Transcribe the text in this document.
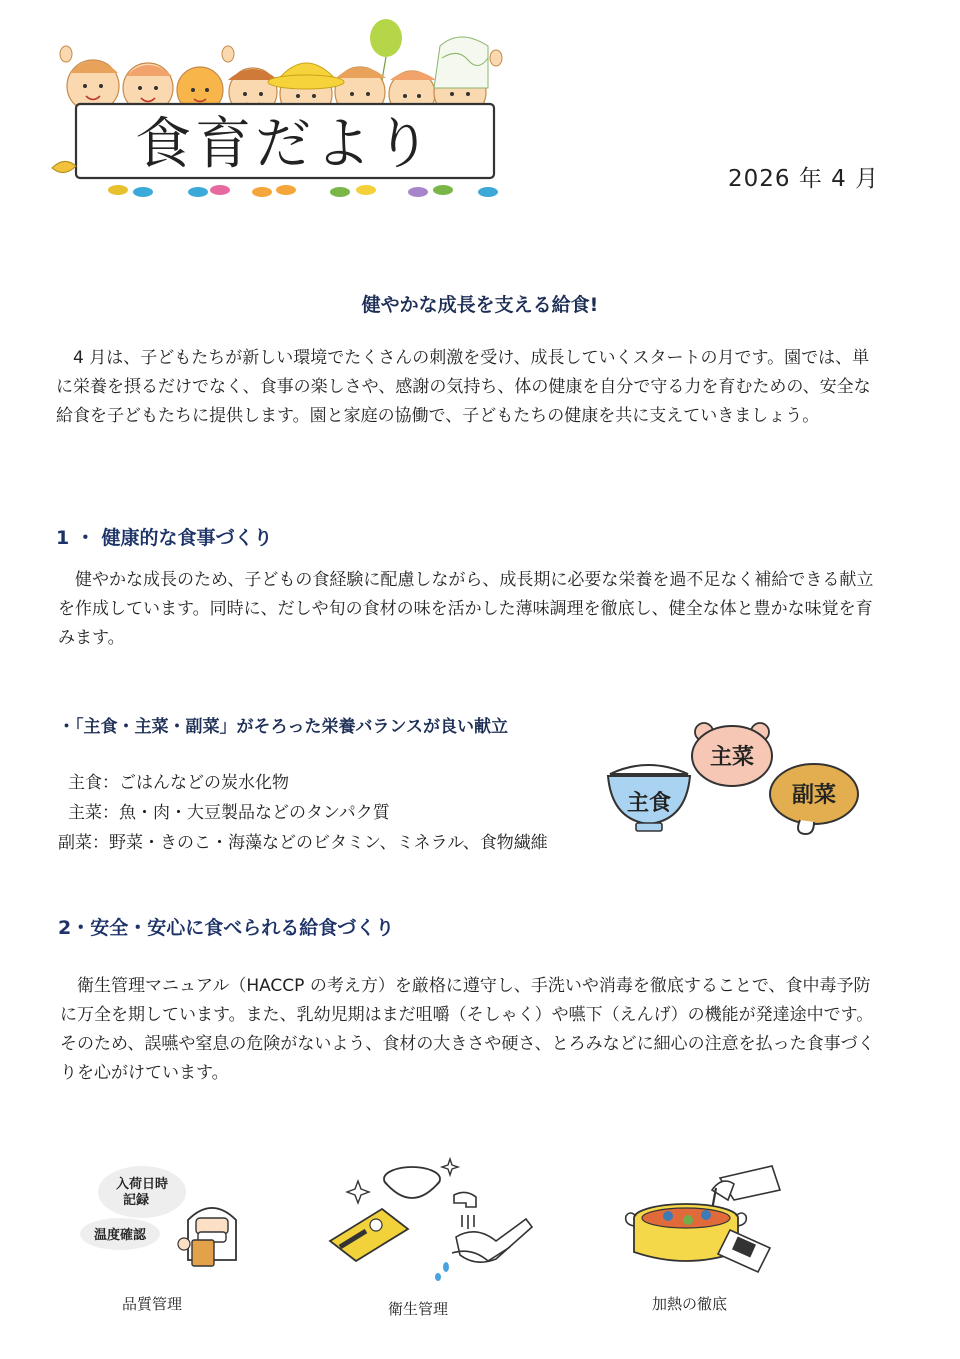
食育だより
2026 年 4 月
健やかな成長を支える給食!
4 月は、子どもたちが新しい環境でたくさんの刺激を受け、成長していくスタートの月です。園では、単に栄養を摂るだけでなく、食事の楽しさや、感謝の気持ち、体の健康を自分で守る力を育むための、安全な給食を子どもたちに提供します。園と家庭の協働で、子どもたちの健康を共に支えていきましょう。
1 ・ 健康的な食事づくり
健やかな成長のため、子どもの食経験に配慮しながら、成長期に必要な栄養を過不足なく補給できる献立を作成しています。同時に、だしや旬の食材の味を活かした薄味調理を徹底し、健全な体と豊かな味覚を育みます。
・「主食・主菜・副菜」がそろった栄養バランスが良い献立
主食：ごはんなどの炭水化物
主菜：魚・肉・大豆製品などのタンパク質
副菜：野菜・きのこ・海藻などのビタミン、ミネラル、食物繊維
主食
主菜
副菜
2・安全・安心に食べられる給食づくり
衛生管理マニュアル（HACCP の考え方）を厳格に遵守し、手洗いや消毒を徹底することで、食中毒予防に万全を期しています。また、乳幼児期はまだ咀嚼（そしゃく）や嚥下（えんげ）の機能が発達途中です。そのため、誤嚥や窒息の危険がないよう、食材の大きさや硬さ、とろみなどに細心の注意を払った食事づくりを心がけています。
入荷日時
記録
温度確認
品質管理	衛生管理	加熱の徹底
